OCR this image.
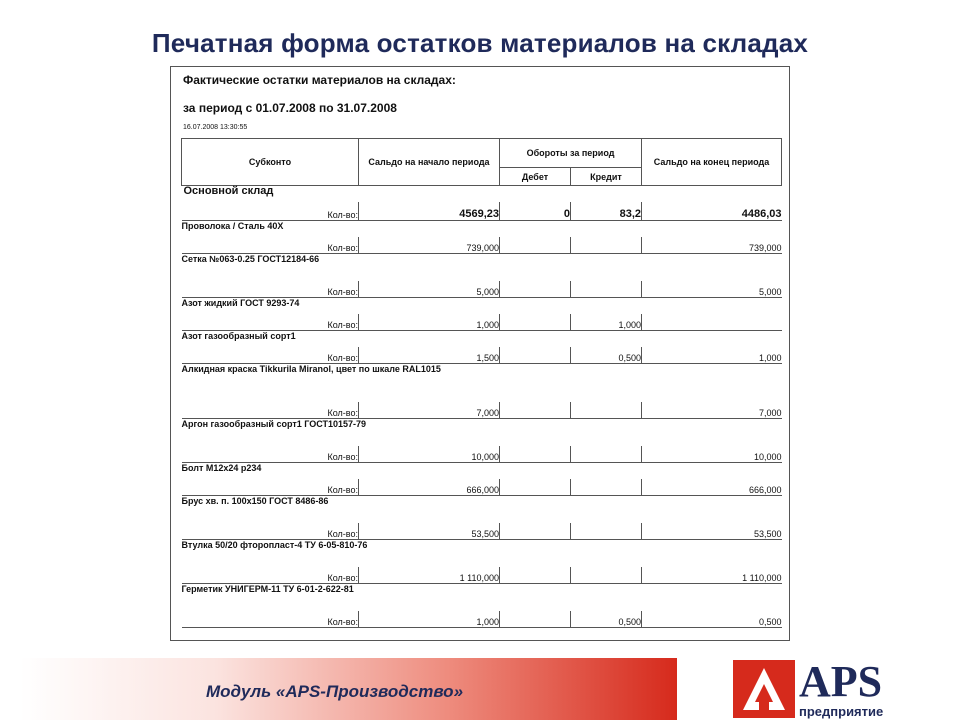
Печатная форма остатков материалов на складах
Фактические остатки материалов на складах:
за период с 01.07.2008 по 31.07.2008
16.07.2008 13:30:55
Субконто	Сальдо на начало периода	Обороты за период		Сальдо на конец периода
		Дебет	Кредит	
Основной склад				
Кол-во:	4569,23	0	83,2	4486,03
Проволока / Сталь 40Х				
Кол-во:	739,000			739,000
Сетка №063-0.25 ГОСТ12184-66				
Кол-во:	5,000			5,000
Азот жидкий ГОСТ 9293-74				
Кол-во:	1,000		1,000	
Азот газообразный сорт1				
Кол-во:	1,500		0,500	1,000
Алкидная краска Tikkurila Miranol, цвет по шкале RAL1015				
Кол-во:	7,000			7,000
Аргон газообразный сорт1 ГОСТ10157-79				
Кол-во:	10,000			10,000
Болт М12х24 р234				
Кол-во:	666,000			666,000
Брус хв. п. 100х150 ГОСТ 8486-86				
Кол-во:	53,500			53,500
Втулка 50/20 фторопласт-4 ТУ 6-05-810-76				
Кол-во:	1 110,000			1 110,000
Герметик УНИГЕРМ-11 ТУ 6-01-2-622-81				
Кол-во:	1,000		0,500	0,500
Модуль «APS-Производство»	APS
предприятие
